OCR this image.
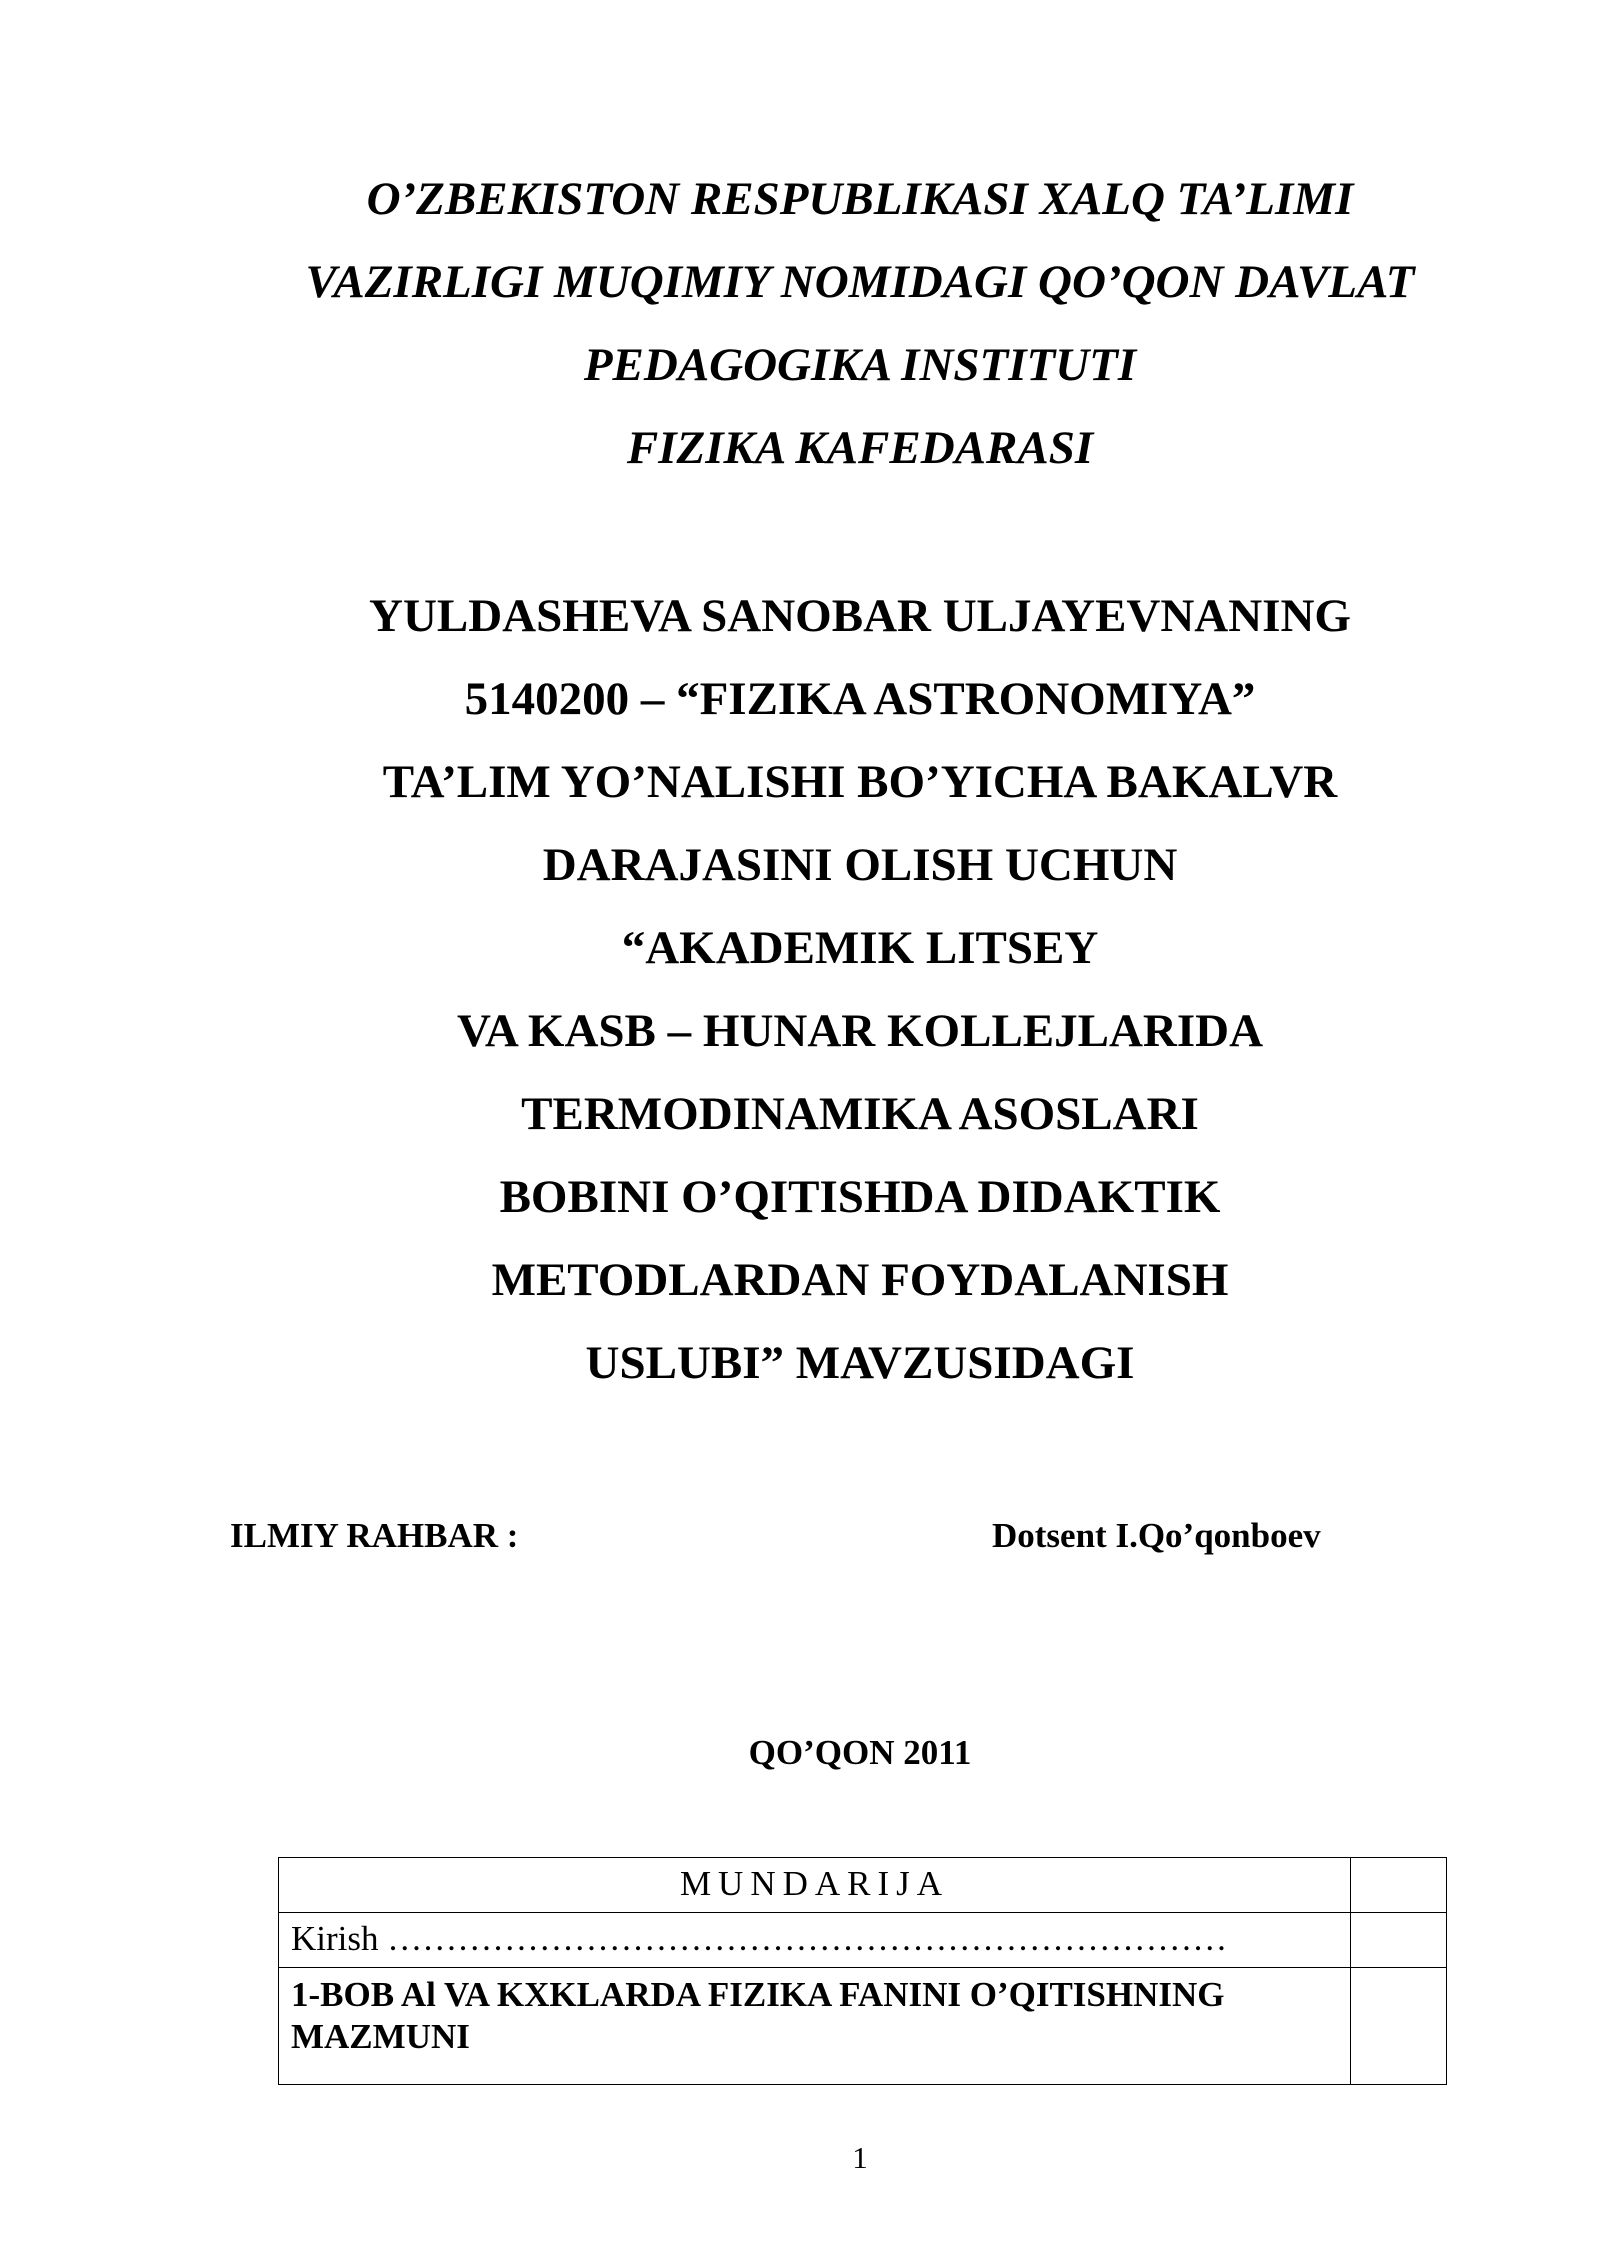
O’ZBEKISTON RESPUBLIKASI XALQ TA’LIMI
VAZIRLIGI MUQIMIY NOMIDAGI QO’QON DAVLAT
PEDAGOGIKA INSTITUTI
FIZIKA KAFEDARASI
YULDASHEVA SANOBAR ULJAYEVNANING
5140200 – “FIZIKA ASTRONOMIYA”
TA’LIM YO’NALISHI BO’YICHA BAKALVR
DARAJASINI OLISH UCHUN
“AKADEMIK LITSEY
VA KASB – HUNAR KOLLEJLARIDA
TERMODINAMIKA ASOSLARI
BOBINI O’QITISHDA DIDAKTIK
METODLARDAN FOYDALANISH
USLUBI” MAVZUSIDAGI
ILMIY RAHBAR :	Dotsent I.Qo’qonboev
QO’QON 2011
MUNDARIJA	
Kirish ………………………………………………………………	
1-BOB Al VA KXKLARDA FIZIKA FANINI O’QITISHNING MAZMUNI	
1
